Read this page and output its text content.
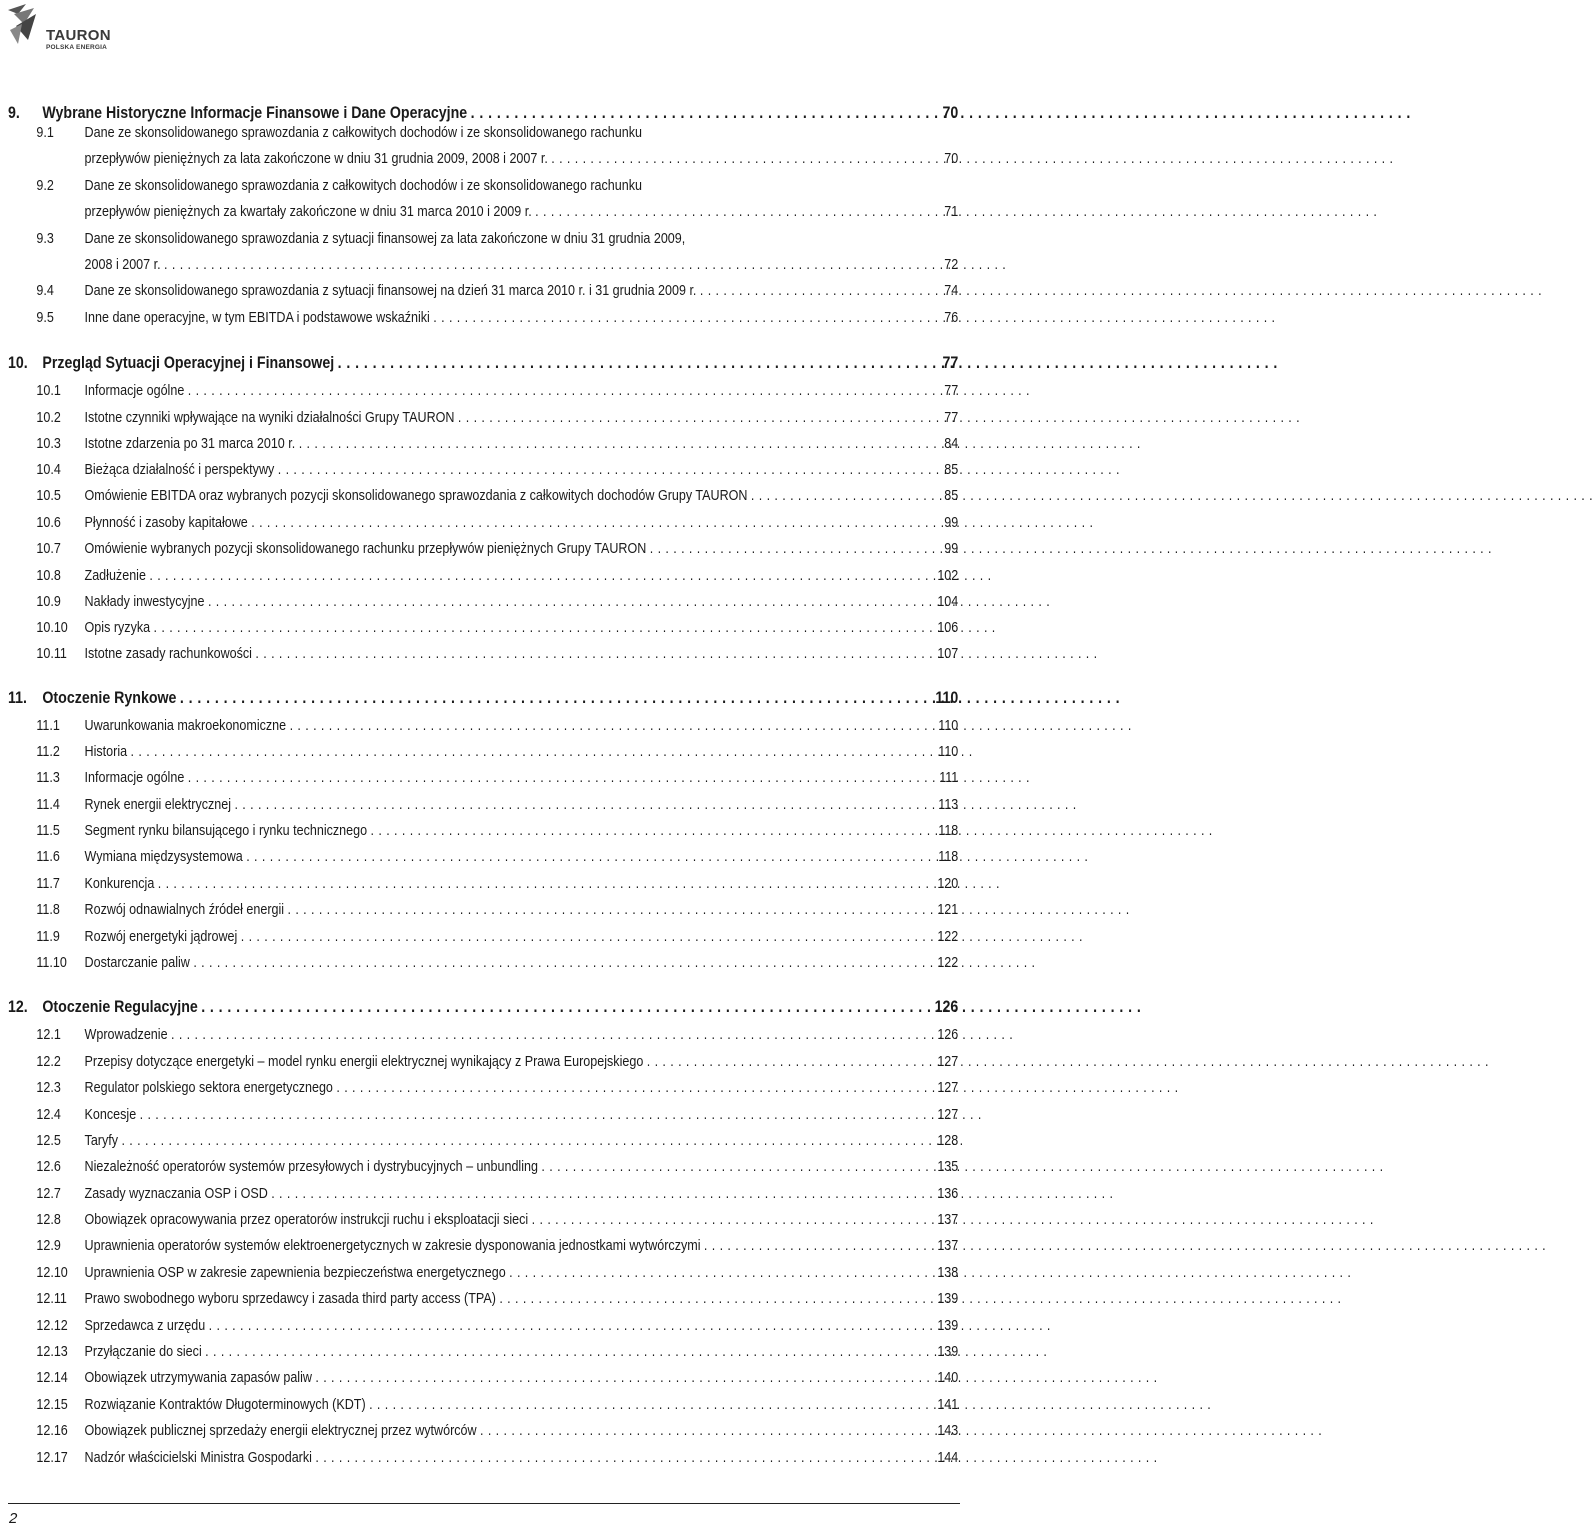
TAURON
POLSKA ENERGIA
9. Wybrane Historyczne Informacje Finansowe i Dane Operacyjne . . .	70
9.1 Dane ze skonsolidowanego sprawozdania z całkowitych dochodów i ze skonsolidowanego rachunku
przepływów pieniężnych za lata zakończone w dniu 31 grudnia 2009, 2008 i 2007 r. . . .	70
9.2 Dane ze skonsolidowanego sprawozdania z całkowitych dochodów i ze skonsolidowanego rachunku
przepływów pieniężnych za kwartały zakończone w dniu 31 marca 2010 i 2009 r. . . .	71
9.3 Dane ze skonsolidowanego sprawozdania z sytuacji finansowej za lata zakończone w dniu 31 grudnia 2009,
2008 i 2007 r. . . .	72
9.4 Dane ze skonsolidowanego sprawozdania z sytuacji finansowej na dzień 31 marca 2010 r. i 31 grudnia 2009 r. . . .	74
9.5 Inne dane operacyjne, w tym EBITDA i podstawowe wskaźniki . . .	76
10. Przegląd Sytuacji Operacyjnej i Finansowej . . .	77
10.1 Informacje ogólne . . .	77
10.2 Istotne czynniki wpływające na wyniki działalności Grupy TAURON . . .	77
10.3 Istotne zdarzenia po 31 marca 2010 r. . . .	84
10.4 Bieżąca działalność i perspektywy . . .	85
10.5 Omówienie EBITDA oraz wybranych pozycji skonsolidowanego sprawozdania z całkowitych dochodów Grupy TAURON . . .	85
10.6 Płynność i zasoby kapitałowe . . .	99
10.7 Omówienie wybranych pozycji skonsolidowanego rachunku przepływów pieniężnych Grupy TAURON . . .	99
10.8 Zadłużenie . . .	102
10.9 Nakłady inwestycyjne . . .	104
10.10 Opis ryzyka . . .	106
10.11 Istotne zasady rachunkowości . . .	107
11. Otoczenie Rynkowe . . .	110
11.1 Uwarunkowania makroekonomiczne . . .	110
11.2 Historia . . .	110
11.3 Informacje ogólne . . .	111
11.4 Rynek energii elektrycznej . . .	113
11.5 Segment rynku bilansującego i rynku technicznego . . .	118
11.6 Wymiana międzysystemowa . . .	118
11.7 Konkurencja . . .	120
11.8 Rozwój odnawialnych źródeł energii . . .	121
11.9 Rozwój energetyki jądrowej . . .	122
11.10 Dostarczanie paliw . . .	122
12. Otoczenie Regulacyjne . . .	126
12.1 Wprowadzenie . . .	126
12.2 Przepisy dotyczące energetyki – model rynku energii elektrycznej wynikający z Prawa Europejskiego . . .	127
12.3 Regulator polskiego sektora energetycznego . . .	127
12.4 Koncesje . . .	127
12.5 Taryfy . . .	128
12.6 Niezależność operatorów systemów przesyłowych i dystrybucyjnych – unbundling . . .	135
12.7 Zasady wyznaczania OSP i OSD . . .	136
12.8 Obowiązek opracowywania przez operatorów instrukcji ruchu i eksploatacji sieci . . .	137
12.9 Uprawnienia operatorów systemów elektroenergetycznych w zakresie dysponowania jednostkami wytwórczymi . . .	137
12.10 Uprawnienia OSP w zakresie zapewnienia bezpieczeństwa energetycznego . . .	138
12.11 Prawo swobodnego wyboru sprzedawcy i zasada third party access (TPA) . . .	139
12.12 Sprzedawca z urzędu . . .	139
12.13 Przyłączanie do sieci . . .	139
12.14 Obowiązek utrzymywania zapasów paliw . . .	140
12.15 Rozwiązanie Kontraktów Długoterminowych (KDT) . . .	141
12.16 Obowiązek publicznej sprzedaży energii elektrycznej przez wytwórców . . .	143
12.17 Nadzór właścicielski Ministra Gospodarki . . .	144
2
